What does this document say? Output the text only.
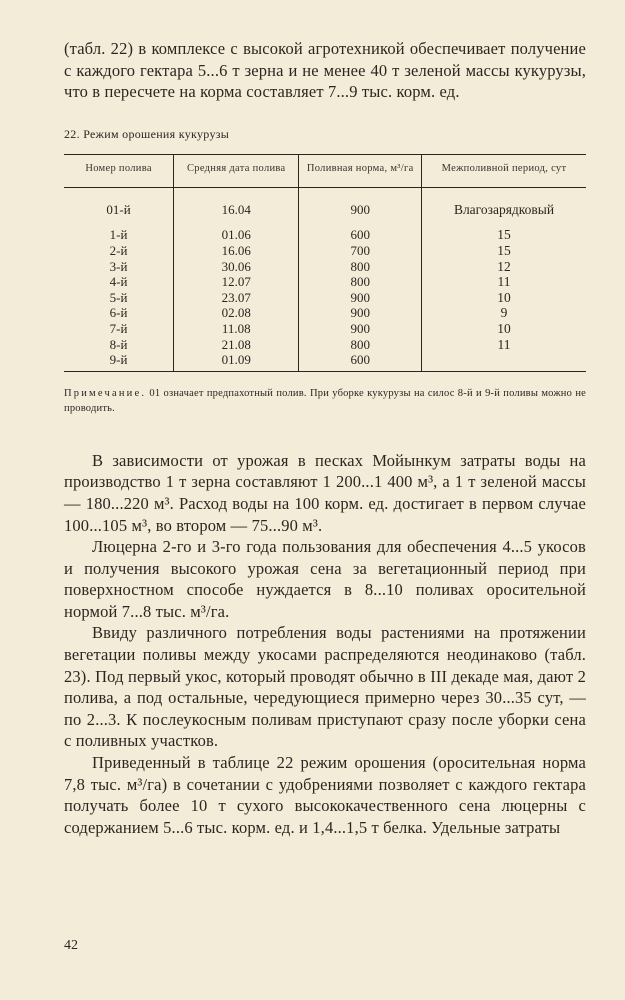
(табл. 22) в комплексе с высокой агротехникой обеспечивает получение с каждого гектара 5...6 т зерна и не менее 40 т зеленой массы кукурузы, что в пересчете на корма составляет 7...9 тыс. корм. ед.

22. Режим орошения кукурузы
Номер полива	Средняя дата полива	Поливная норма, м³/га	Межполивной период, сут
01-й	16.04	900	Влагозарядковый
1-й	01.06	600	15
2-й	16.06	700	15
3-й	30.06	800	12
4-й	12.07	800	11
5-й	23.07	900	10
6-й	02.08	900	9
7-й	11.08	900	10
8-й	21.08	800	11
9-й	01.09	600	

Примечание. 01 означает предпахотный полив. При уборке кукурузы на силос 8-й и 9-й поливы можно не проводить.

В зависимости от урожая в песках Мойынкум затраты воды на производство 1 т зерна составляют 1 200...1 400 м³, а 1 т зеленой массы — 180...220 м³. Расход воды на 100 корм. ед. достигает в первом случае 100...105 м³, во втором — 75...90 м³.

Люцерна 2-го и 3-го года пользования для обеспечения 4...5 укосов и получения высокого урожая сена за вегетационный период при поверхностном способе нуждается в 8...10 поливах оросительной нормой 7...8 тыс. м³/га.

Ввиду различного потребления воды растениями на протяжении вегетации поливы между укосами распределяются неодинаково (табл. 23). Под первый укос, который проводят обычно в III декаде мая, дают 2 полива, а под остальные, чередующиеся примерно через 30...35 сут, — по 2...3. К послеукосным поливам приступают сразу после уборки сена с поливных участков.

Приведенный в таблице 22 режим орошения (оросительная норма 7,8 тыс. м³/га) в сочетании с удобрениями позволяет с каждого гектара получать более 10 т сухого высококачественного сена люцерны с содержанием 5...6 тыс. корм. ед. и 1,4...1,5 т белка. Удельные затраты

42
